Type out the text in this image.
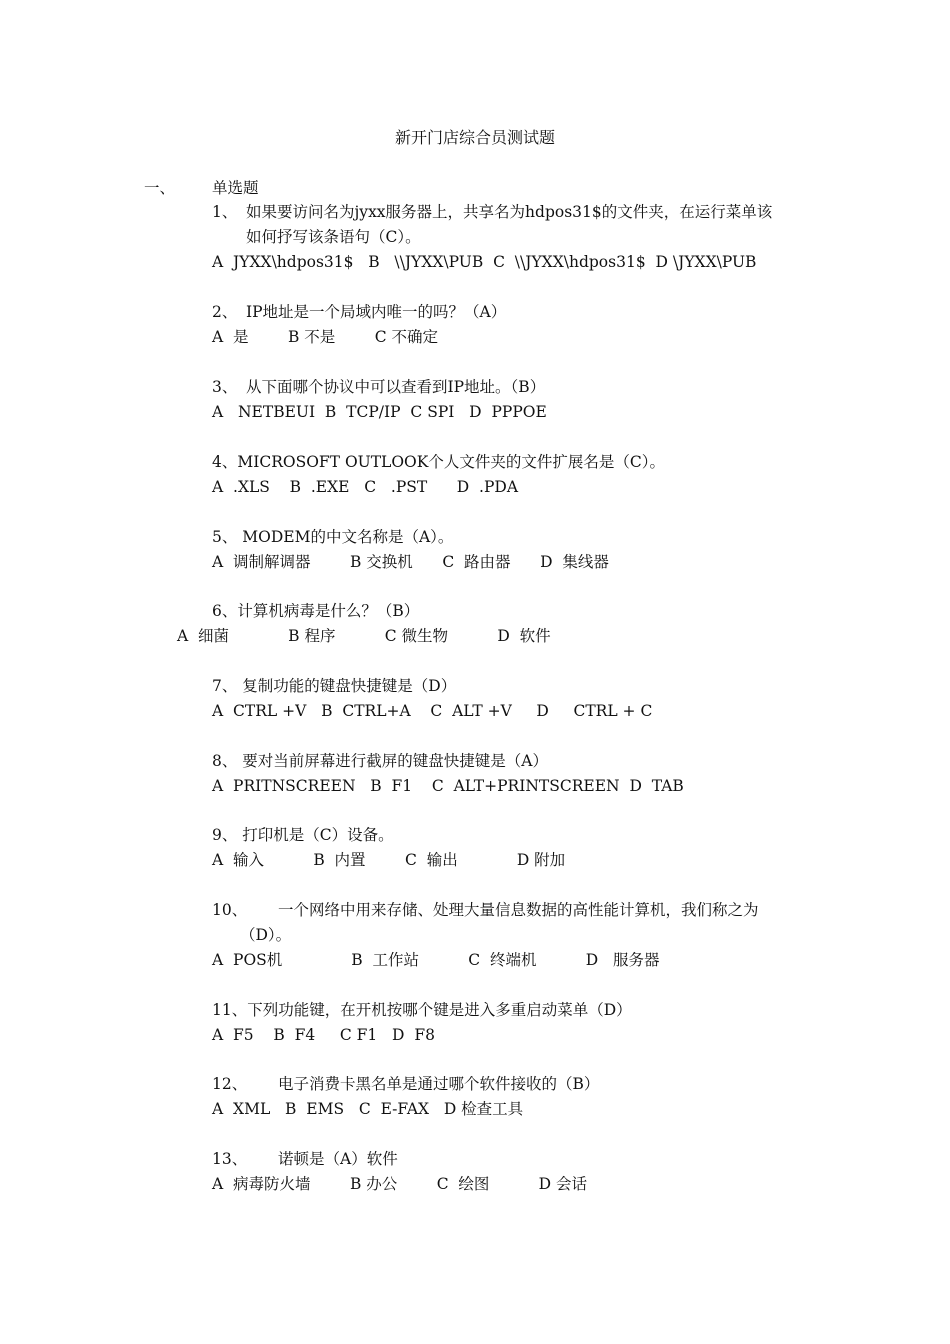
新开门店综合员测试题
一、 单选题
1、 如果要访问名为jyxx服务器上，共享名为hdpos31$的文件夹，在运行菜单该
如何抒写该条语句（C）。
A  JYXX\hdpos31$   B   \\JYXX\PUB  C  \\JYXX\hdpos31$  D \JYXX\PUB
2、 IP地址是一个局域内唯一的吗？（A）
A  是        B 不是        C 不确定
3、 从下面哪个协议中可以查看到IP地址。（B）
A   NETBEUI  B  TCP/IP  C SPI   D  PPPOE
4、MICROSOFT OUTLOOK个人文件夹的文件扩展名是（C）。
A  .XLS    B  .EXE   C   .PST      D  .PDA
5、 MODEM的中文名称是（A）。
A  调制解调器        B 交换机      C  路由器      D  集线器
6、计算机病毒是什么？（B）
A  细菌            B 程序          C 微生物          D  软件
7、 复制功能的键盘快捷键是（D）
A  CTRL +V   B  CTRL+A    C  ALT +V     D     CTRL + C
8、 要对当前屏幕进行截屏的键盘快捷键是（A）
A  PRITNSCREEN   B  F1    C  ALT+PRINTSCREEN  D  TAB
9、 打印机是（C）设备。
A  输入          B  内置        C  输出            D 附加
10、 一个网络中用来存储、处理大量信息数据的高性能计算机，我们称之为
（D）。
A  POS机              B  工作站          C  终端机          D   服务器
11、下列功能键，在开机按哪个键是进入多重启动菜单（D）
A  F5    B  F4     C F1   D  F8
12、 电子消费卡黑名单是通过哪个软件接收的（B）
A  XML   B  EMS   C  E-FAX   D 检查工具
13、 诺顿是（A）软件
A  病毒防火墙        B 办公        C  绘图          D 会话
